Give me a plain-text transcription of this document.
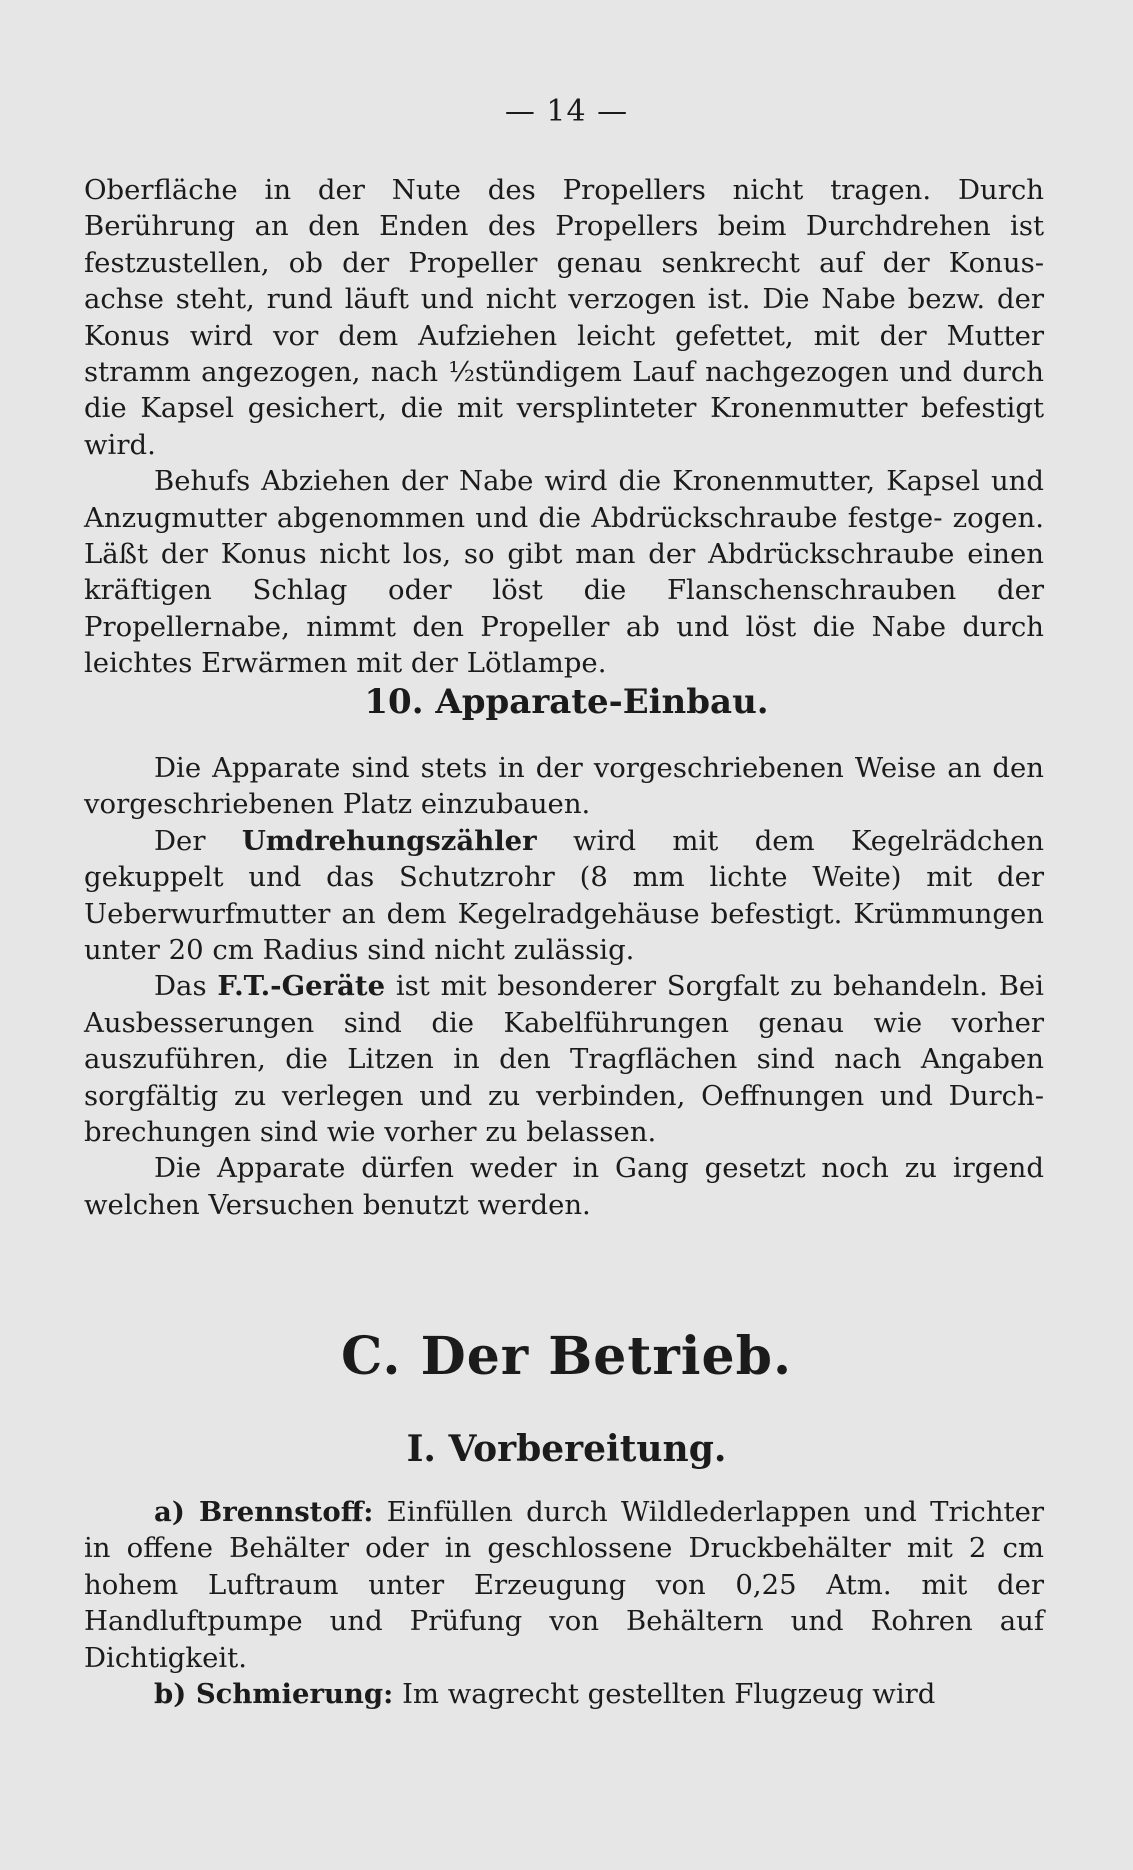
— 14 —

Oberfläche in der Nute des Propellers nicht tragen. Durch Berührung an den Enden des Propellers beim Durchdrehen ist festzustellen, ob der Propeller genau senkrecht auf der Konus- achse steht, rund läuft und nicht verzogen ist. Die Nabe bezw. der Konus wird vor dem Aufziehen leicht gefettet, mit der Mutter stramm angezogen, nach ½stündigem Lauf nachgezogen und durch die Kapsel gesichert, die mit versplinteter Kronenmutter befestigt wird.

Behufs Abziehen der Nabe wird die Kronenmutter, Kapsel und Anzugmutter abgenommen und die Abdrückschraube festge- zogen. Läßt der Konus nicht los, so gibt man der Abdrückschraube einen kräftigen Schlag oder löst die Flanschenschrauben der Propellernabe, nimmt den Propeller ab und löst die Nabe durch leichtes Erwärmen mit der Lötlampe.

10. Apparate-Einbau.

Die Apparate sind stets in der vorgeschriebenen Weise an den vorgeschriebenen Platz einzubauen.

Der Umdrehungszähler wird mit dem Kegelrädchen gekuppelt und das Schutzrohr (8 mm lichte Weite) mit der Ueberwurfmutter an dem Kegelradgehäuse befestigt. Krümmungen unter 20 cm Radius sind nicht zulässig.

Das F.T.-Geräte ist mit besonderer Sorgfalt zu behandeln. Bei Ausbesserungen sind die Kabelführungen genau wie vorher auszuführen, die Litzen in den Tragflächen sind nach Angaben sorgfältig zu verlegen und zu verbinden, Oeffnungen und Durch- brechungen sind wie vorher zu belassen.

Die Apparate dürfen weder in Gang gesetzt noch zu irgend welchen Versuchen benutzt werden.

C. Der Betrieb.
I. Vorbereitung.

a) Brennstoff: Einfüllen durch Wildlederlappen und Trichter in offene Behälter oder in geschlossene Druckbehälter mit 2 cm hohem Luftraum unter Erzeugung von 0,25 Atm. mit der Handluftpumpe und Prüfung von Behältern und Rohren auf Dichtigkeit.

b) Schmierung: Im wagrecht gestellten Flugzeug wird
